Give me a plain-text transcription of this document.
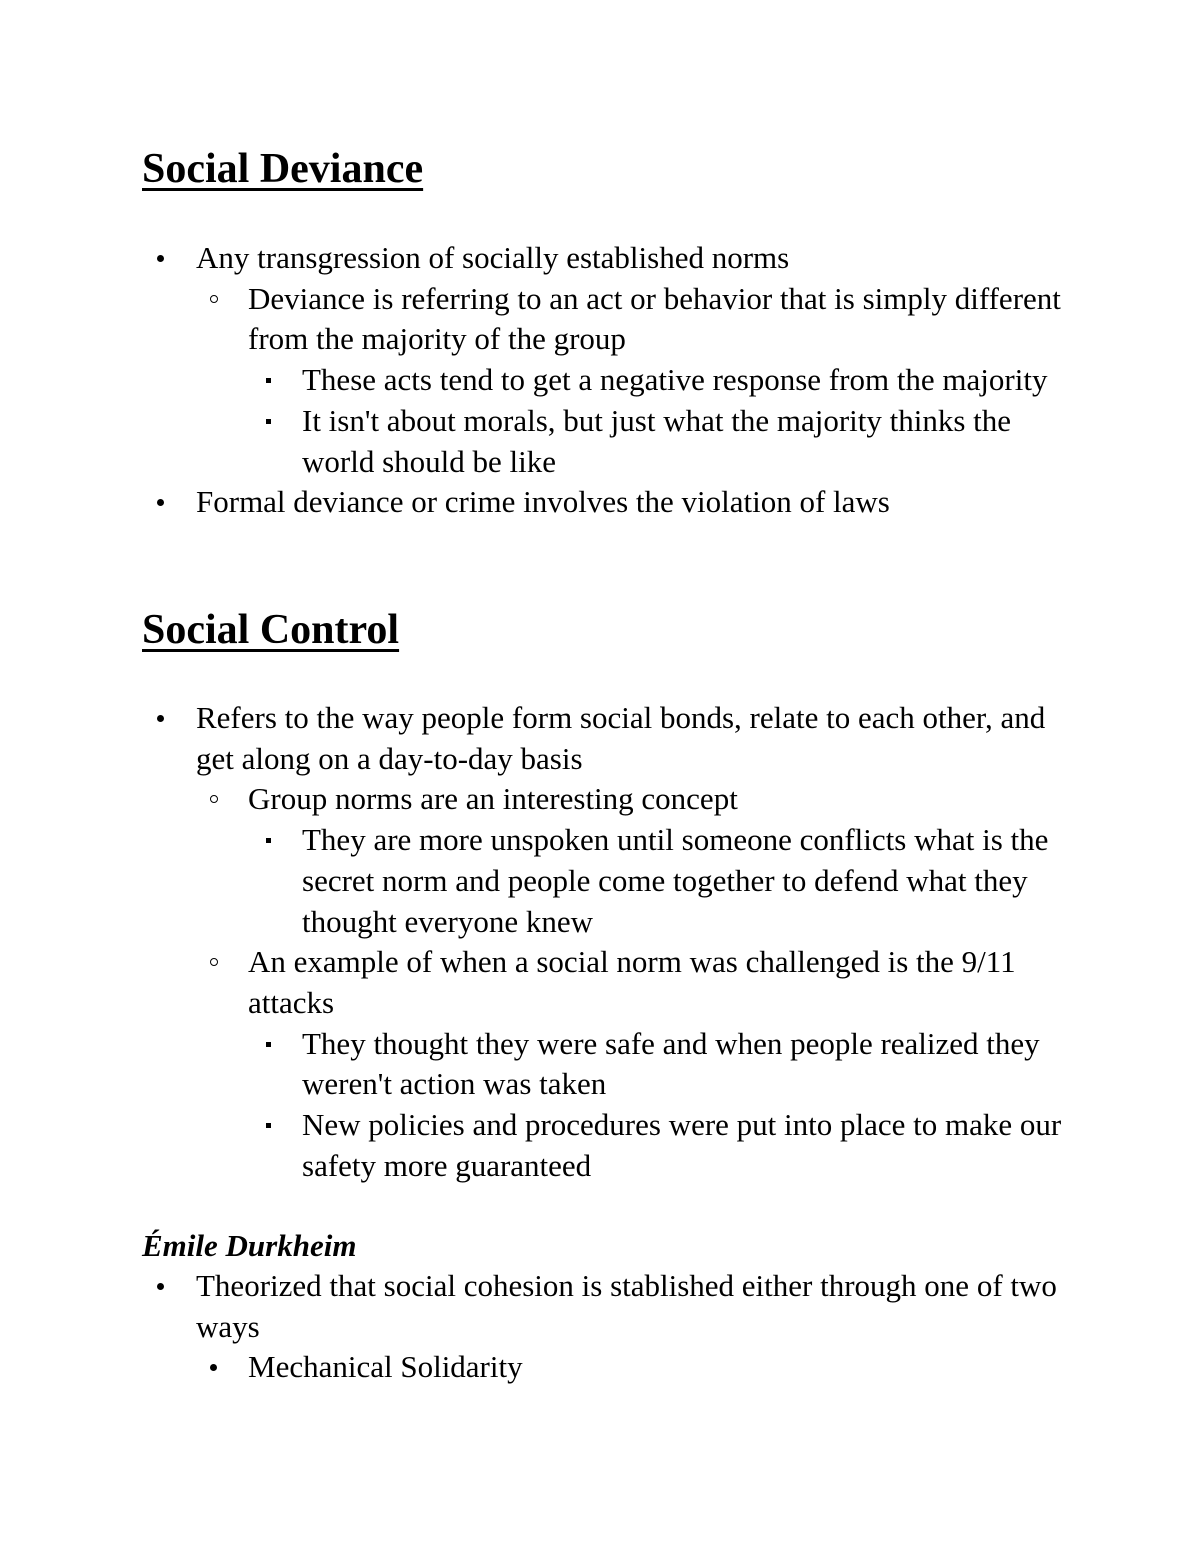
Social Deviance
Any transgression of socially established norms
Deviance is referring to an act or behavior that is simply different from the majority of the group
These acts tend to get a negative response from the majority
It isn't about morals, but just what the majority thinks the world should be like
Formal deviance or crime involves the violation of laws
Social Control
Refers to the way people form social bonds, relate to each other, and get along on a day-to-day basis
Group norms are an interesting concept
They are more unspoken until someone conflicts what is the secret norm and people come together to defend what they thought everyone knew
An example of when a social norm was challenged is the 9/11 attacks
They thought they were safe and when people realized they weren't action was taken
New policies and procedures were put into place to make our safety more guaranteed
Émile Durkheim
Theorized that social cohesion is stablished either through one of two ways
Mechanical Solidarity
